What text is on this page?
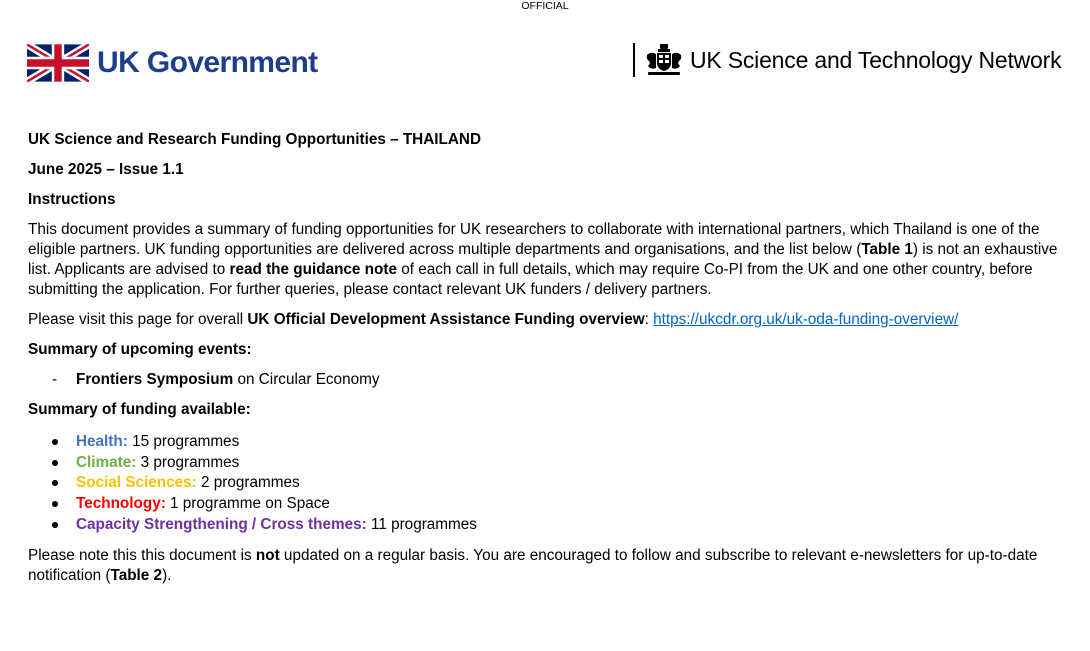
OFFICIAL
UK Government	UK Science and Technology Network

UK Science and Research Funding Opportunities – THAILAND

June 2025 – Issue 1.1

Instructions

This document provides a summary of funding opportunities for UK researchers to collaborate with international partners, which Thailand is one of the eligible partners. UK funding opportunities are delivered across multiple departments and organisations, and the list below (Table 1) is not an exhaustive list. Applicants are advised to read the guidance note of each call in full details, which may require Co-PI from the UK and one other country, before submitting the application. For further queries, please contact relevant UK funders / delivery partners.

Please visit this page for overall UK Official Development Assistance Funding overview: https://ukcdr.org.uk/uk-oda-funding-overview/

Summary of upcoming events:

- Frontiers Symposium on Circular Economy

Summary of funding available:

Health: 15 programmes
Climate: 3 programmes
Social Sciences: 2 programmes
Technology: 1 programme on Space
Capacity Strengthening / Cross themes: 11 programmes

Please note this this document is not updated on a regular basis. You are encouraged to follow and subscribe to relevant e-newsletters for up-to-date notification (Table 2).
